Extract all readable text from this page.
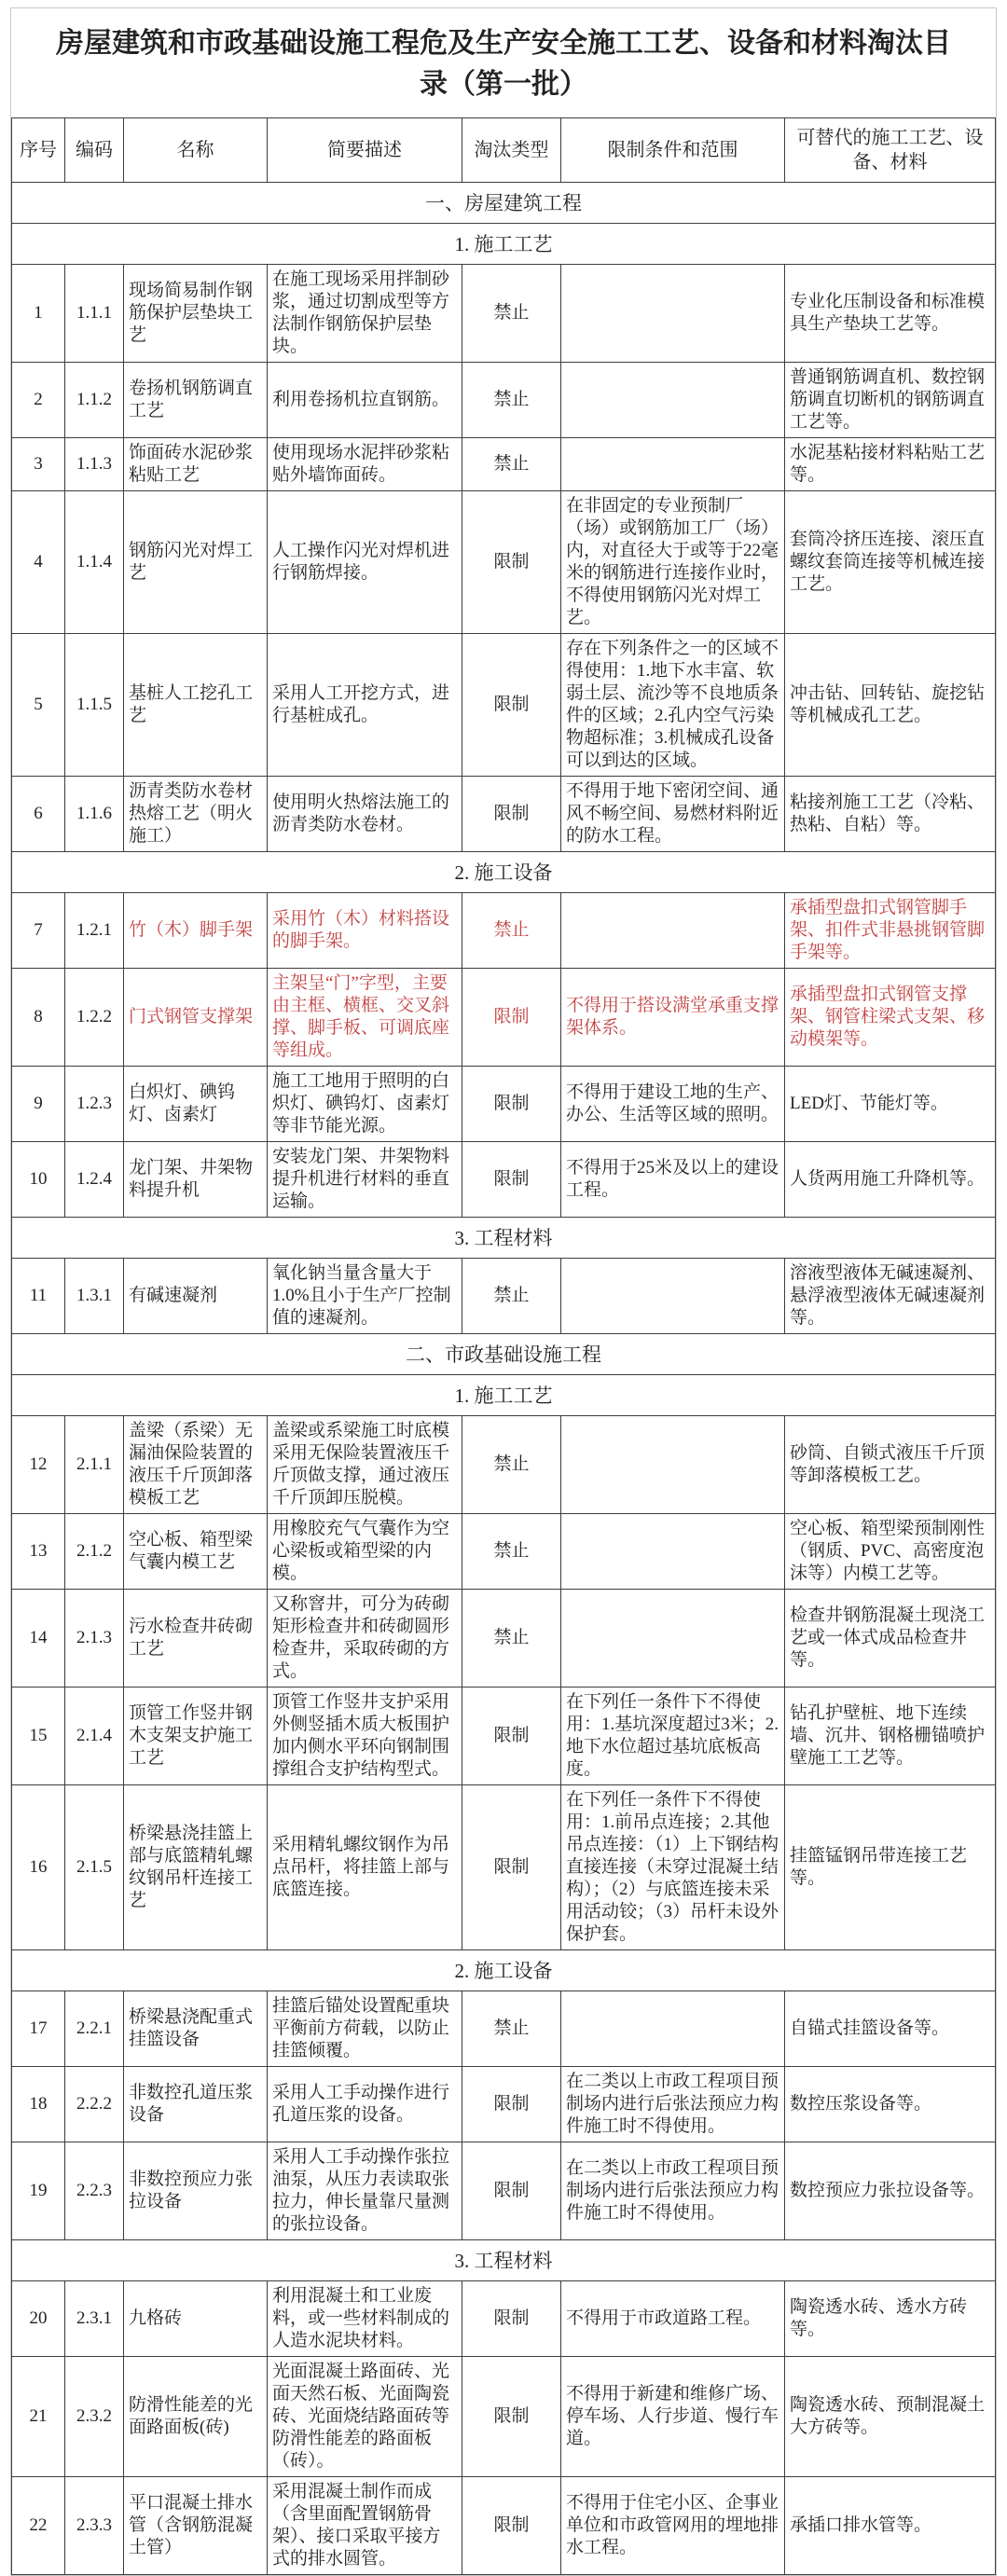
房屋建筑和市政基础设施工程危及生产安全施工工艺、设备和材料淘汰目录（第一批）
序号	编码	名称	简要描述	淘汰类型	限制条件和范围	可替代的施工工艺、设备、材料
一、房屋建筑工程						
1. 施工工艺						
1	1.1.1	现场简易制作钢筋保护层垫块工艺	在施工现场采用拌制砂浆，通过切割成型等方法制作钢筋保护层垫块。	禁止		专业化压制设备和标准模具生产垫块工艺等。
2	1.1.2	卷扬机钢筋调直工艺	利用卷扬机拉直钢筋。	禁止		普通钢筋调直机、数控钢筋调直切断机的钢筋调直工艺等。
3	1.1.3	饰面砖水泥砂浆粘贴工艺	使用现场水泥拌砂浆粘贴外墙饰面砖。	禁止		水泥基粘接材料粘贴工艺等。
4	1.1.4	钢筋闪光对焊工艺	人工操作闪光对焊机进行钢筋焊接。	限制	在非固定的专业预制厂（场）或钢筋加工厂（场）内，对直径大于或等于22毫米的钢筋进行连接作业时，不得使用钢筋闪光对焊工艺。	套筒冷挤压连接、滚压直螺纹套筒连接等机械连接工艺。
5	1.1.5	基桩人工挖孔工艺	采用人工开挖方式，进行基桩成孔。	限制	存在下列条件之一的区域不得使用：1.地下水丰富、软弱土层、流沙等不良地质条件的区域；2.孔内空气污染物超标准；3.机械成孔设备可以到达的区域。	冲击钻、回转钻、旋挖钻等机械成孔工艺。
6	1.1.6	沥青类防水卷材热熔工艺（明火施工）	使用明火热熔法施工的沥青类防水卷材。	限制	不得用于地下密闭空间、通风不畅空间、易燃材料附近的防水工程。	粘接剂施工工艺（冷粘、热粘、自粘）等。
2. 施工设备						
7	1.2.1	竹（木）脚手架	采用竹（木）材料搭设的脚手架。	禁止		承插型盘扣式钢管脚手架、扣件式非悬挑钢管脚手架等。
8	1.2.2	门式钢管支撑架	主架呈“门”字型，主要由主框、横框、交叉斜撑、脚手板、可调底座等组成。	限制	不得用于搭设满堂承重支撑架体系。	承插型盘扣式钢管支撑架、钢管柱梁式支架、移动模架等。
9	1.2.3	白炽灯、碘钨灯、卤素灯	施工工地用于照明的白炽灯、碘钨灯、卤素灯等非节能光源。	限制	不得用于建设工地的生产、办公、生活等区域的照明。	LED灯、节能灯等。
10	1.2.4	龙门架、井架物料提升机	安装龙门架、井架物料提升机进行材料的垂直运输。	限制	不得用于25米及以上的建设工程。	人货两用施工升降机等。
3. 工程材料						
11	1.3.1	有碱速凝剂	氧化钠当量含量大于1.0%且小于生产厂控制值的速凝剂。	禁止		溶液型液体无碱速凝剂、悬浮液型液体无碱速凝剂等。
二、市政基础设施工程						
1. 施工工艺						
12	2.1.1	盖梁（系梁）无漏油保险装置的液压千斤顶卸落模板工艺	盖梁或系梁施工时底模采用无保险装置液压千斤顶做支撑，通过液压千斤顶卸压脱模。	禁止		砂筒、自锁式液压千斤顶等卸落模板工艺。
13	2.1.2	空心板、箱型梁气囊内模工艺	用橡胶充气气囊作为空心梁板或箱型梁的内模。	禁止		空心板、箱型梁预制刚性（钢质、PVC、高密度泡沫等）内模工艺等。
14	2.1.3	污水检查井砖砌工艺	又称窨井，可分为砖砌矩形检查井和砖砌圆形检查井，采取砖砌的方式。	禁止		检查井钢筋混凝土现浇工艺或一体式成品检查井等。
15	2.1.4	顶管工作竖井钢木支架支护施工工艺	顶管工作竖井支护采用外侧竖插木质大板围护加内侧水平环向钢制围撑组合支护结构型式。	限制	在下列任一条件下不得使用：1.基坑深度超过3米；2.地下水位超过基坑底板高度。	钻孔护壁桩、地下连续墙、沉井、钢格栅锚喷护壁施工工艺等。
16	2.1.5	桥梁悬浇挂篮上部与底篮精轧螺纹钢吊杆连接工艺	采用精轧螺纹钢作为吊点吊杆，将挂篮上部与底篮连接。	限制	在下列任一条件下不得使用：1.前吊点连接；2.其他吊点连接：（1）上下钢结构直接连接（未穿过混凝土结构）；（2）与底篮连接未采用活动铰；（3）吊杆未设外保护套。	挂篮锰钢吊带连接工艺等。
2. 施工设备						
17	2.2.1	桥梁悬浇配重式挂篮设备	挂篮后锚处设置配重块平衡前方荷载，以防止挂篮倾覆。	禁止		自锚式挂篮设备等。
18	2.2.2	非数控孔道压浆设备	采用人工手动操作进行孔道压浆的设备。	限制	在二类以上市政工程项目预制场内进行后张法预应力构件施工时不得使用。	数控压浆设备等。
19	2.2.3	非数控预应力张拉设备	采用人工手动操作张拉油泵，从压力表读取张拉力，伸长量靠尺量测的张拉设备。	限制	在二类以上市政工程项目预制场内进行后张法预应力构件施工时不得使用。	数控预应力张拉设备等。
3. 工程材料						
20	2.3.1	九格砖	利用混凝土和工业废料，或一些材料制成的人造水泥块材料。	限制	不得用于市政道路工程。	陶瓷透水砖、透水方砖等。
21	2.3.2	防滑性能差的光面路面板(砖)	光面混凝土路面砖、光面天然石板、光面陶瓷砖、光面烧结路面砖等防滑性能差的路面板（砖）。	限制	不得用于新建和维修广场、停车场、人行步道、慢行车道。	陶瓷透水砖、预制混凝土大方砖等。
22	2.3.3	平口混凝土排水管（含钢筋混凝土管）	采用混凝土制作而成（含里面配置钢筋骨架）、接口采取平接方式的排水圆管。	限制	不得用于住宅小区、企事业单位和市政管网用的埋地排水工程。	承插口排水管等。
